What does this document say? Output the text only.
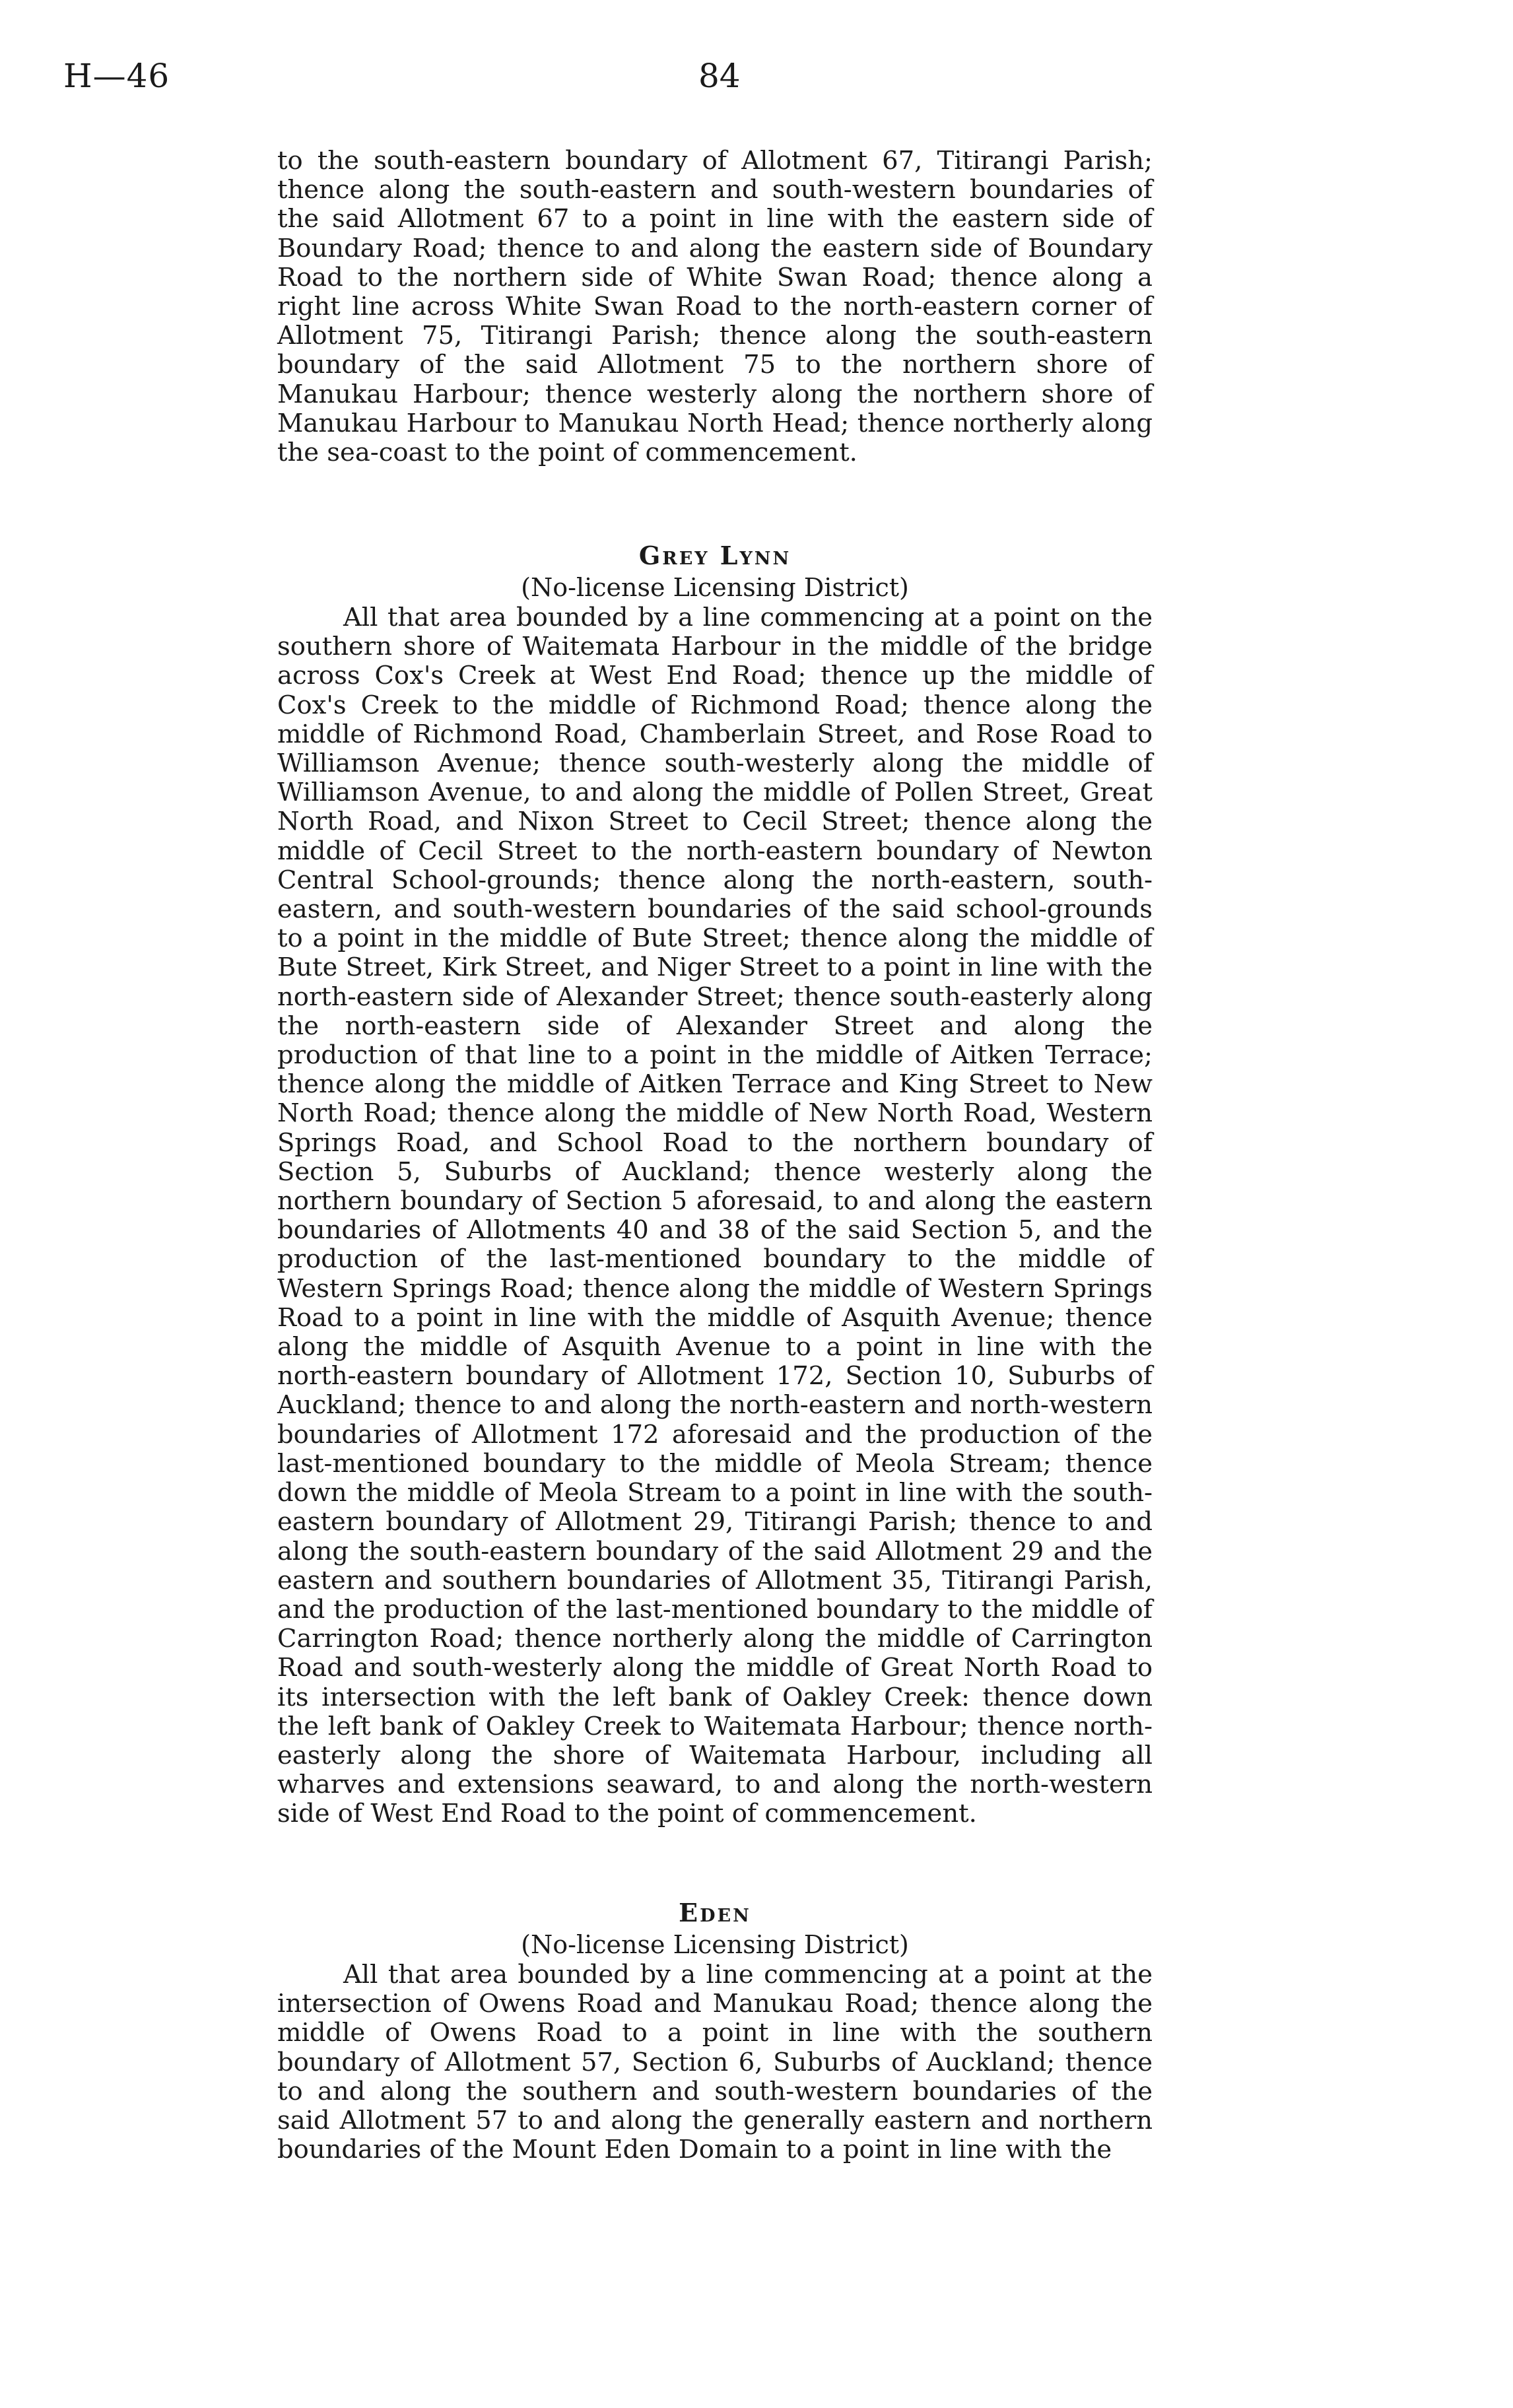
H—46	84

to the south-eastern boundary of Allotment 67, Titirangi Parish; thence along the south-eastern and south-western boundaries of the said Allotment 67 to a point in line with the eastern side of Boundary Road; thence to and along the eastern side of Boundary Road to the northern side of White Swan Road; thence along a right line across White Swan Road to the north-eastern corner of Allotment 75, Titirangi Parish; thence along the south-eastern boundary of the said Allotment 75 to the northern shore of Manukau Harbour; thence westerly along the northern shore of Manukau Harbour to Manukau North Head; thence northerly along the sea-coast to the point of commencement.

Grey Lynn

(No-license Licensing District)

All that area bounded by a line commencing at a point on the southern shore of Waitemata Harbour in the middle of the bridge across Cox's Creek at West End Road; thence up the middle of Cox's Creek to the middle of Richmond Road; thence along the middle of Richmond Road, Chamberlain Street, and Rose Road to Williamson Avenue; thence south-westerly along the middle of Williamson Avenue, to and along the middle of Pollen Street, Great North Road, and Nixon Street to Cecil Street; thence along the middle of Cecil Street to the north-eastern boundary of Newton Central School-grounds; thence along the north-eastern, south-eastern, and south-western boundaries of the said school-grounds to a point in the middle of Bute Street; thence along the middle of Bute Street, Kirk Street, and Niger Street to a point in line with the north-eastern side of Alexander Street; thence south-easterly along the north-eastern side of Alexander Street and along the production of that line to a point in the middle of Aitken Terrace; thence along the middle of Aitken Terrace and King Street to New North Road; thence along the middle of New North Road, Western Springs Road, and School Road to the northern boundary of Section 5, Suburbs of Auckland; thence westerly along the northern boundary of Section 5 aforesaid, to and along the eastern boundaries of Allotments 40 and 38 of the said Section 5, and the production of the last-mentioned boundary to the middle of Western Springs Road; thence along the middle of Western Springs Road to a point in line with the middle of Asquith Avenue; thence along the middle of Asquith Avenue to a point in line with the north-eastern boundary of Allotment 172, Section 10, Suburbs of Auckland; thence to and along the north-eastern and north-western boundaries of Allotment 172 aforesaid and the production of the last-mentioned boundary to the middle of Meola Stream; thence down the middle of Meola Stream to a point in line with the south-eastern boundary of Allotment 29, Titirangi Parish; thence to and along the south-eastern boundary of the said Allotment 29 and the eastern and southern boundaries of Allotment 35, Titirangi Parish, and the production of the last-mentioned boundary to the middle of Carrington Road; thence northerly along the middle of Carrington Road and south-westerly along the middle of Great North Road to its intersection with the left bank of Oakley Creek: thence down the left bank of Oakley Creek to Waitemata Harbour; thence north-easterly along the shore of Waitemata Harbour, including all wharves and extensions seaward, to and along the north-western side of West End Road to the point of commencement.

Eden

(No-license Licensing District)

All that area bounded by a line commencing at a point at the intersection of Owens Road and Manukau Road; thence along the middle of Owens Road to a point in line with the southern boundary of Allotment 57, Section 6, Suburbs of Auckland; thence to and along the southern and south-western boundaries of the said Allotment 57 to and along the generally eastern and northern boundaries of the Mount Eden Domain to a point in line with the
